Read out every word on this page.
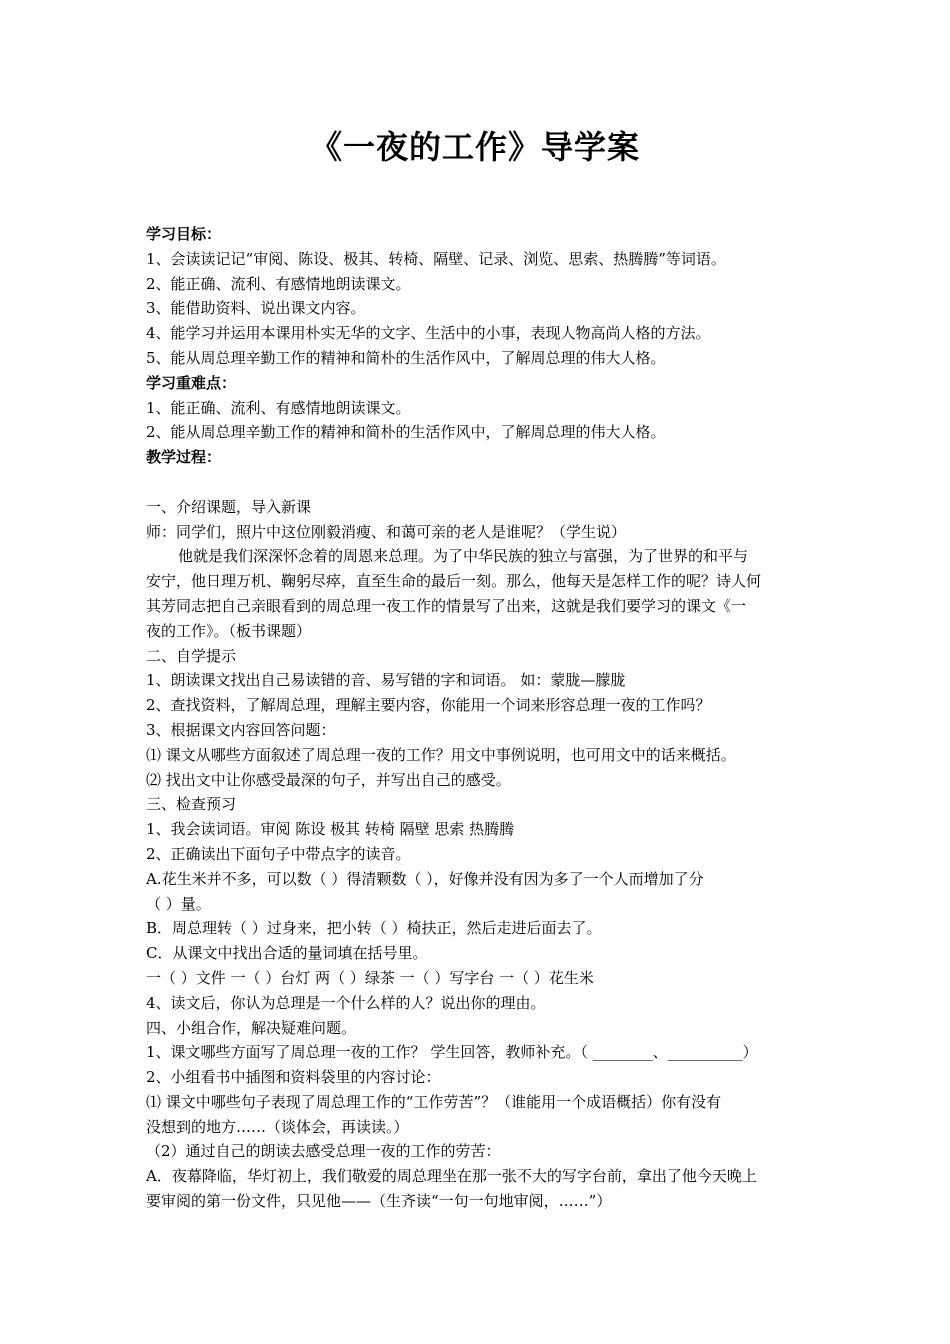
《一夜的工作》导学案
学习目标：
1、会读读记记“审阅、陈设、极其、转椅、隔壁、记录、浏览、思索、热腾腾”等词语。
2、能正确、流利、有感情地朗读课文。
3、能借助资料、说出课文内容。
4、能学习并运用本课用朴实无华的文字、生活中的小事，表现人物高尚人格的方法。
5、能从周总理辛勤工作的精神和简朴的生活作风中，了解周总理的伟大人格。
学习重难点：
1、能正确、流利、有感情地朗读课文。
2、能从周总理辛勤工作的精神和简朴的生活作风中，了解周总理的伟大人格。
教学过程：
一、介绍课题，导入新课
师：同学们，照片中这位刚毅消瘦、和蔼可亲的老人是谁呢？（学生说）
他就是我们深深怀念着的周恩来总理。为了中华民族的独立与富强，为了世界的和平与
安宁，他日理万机、鞠躬尽瘁，直至生命的最后一刻。那么，他每天是怎样工作的呢？诗人何
其芳同志把自己亲眼看到的周总理一夜工作的情景写了出来，这就是我们要学习的课文《一
夜的工作》。（板书课题）
二、自学提示
1、朗读课文找出自己易读错的音、易写错的字和词语。 如：蒙胧—朦胧
2、查找资料，了解周总理，理解主要内容，你能用一个词来形容总理一夜的工作吗？
3、根据课文内容回答问题：
⑴ 课文从哪些方面叙述了周总理一夜的工作？用文中事例说明，也可用文中的话来概括。
⑵ 找出文中让你感受最深的句子，并写出自己的感受。
三、检查预习
1、我会读词语。审阅 陈设 极其 转椅 隔壁 思索 热腾腾
2、正确读出下面句子中带点字的读音。
A.花生米并不多，可以数（ ）得清颗数（ ），好像并没有因为多了一个人而增加了分
（ ）量。
B．周总理转（ ）过身来，把小转（ ）椅扶正，然后走进后面去了。
C．从课文中找出合适的量词填在括号里。
一（ ）文件 一（ ）台灯 两（ ）绿茶 一（ ）写字台 一（ ）花生米
4、读文后，你认为总理是一个什么样的人？说出你的理由。
四、小组合作，解决疑难问题。
1、课文哪些方面写了周总理一夜的工作？ 学生回答，教师补充。（ ________、__________）
2、小组看书中插图和资料袋里的内容讨论：
⑴ 课文中哪些句子表现了周总理工作的“工作劳苦”？（谁能用一个成语概括）你有没有
没想到的地方……（谈体会，再读读。）
（2）通过自己的朗读去感受总理一夜的工作的劳苦：
A．夜幕降临，华灯初上，我们敬爱的周总理坐在那一张不大的写字台前，拿出了他今天晚上
要审阅的第一份文件，只见他——（生齐读“一句一句地审阅，……”）
